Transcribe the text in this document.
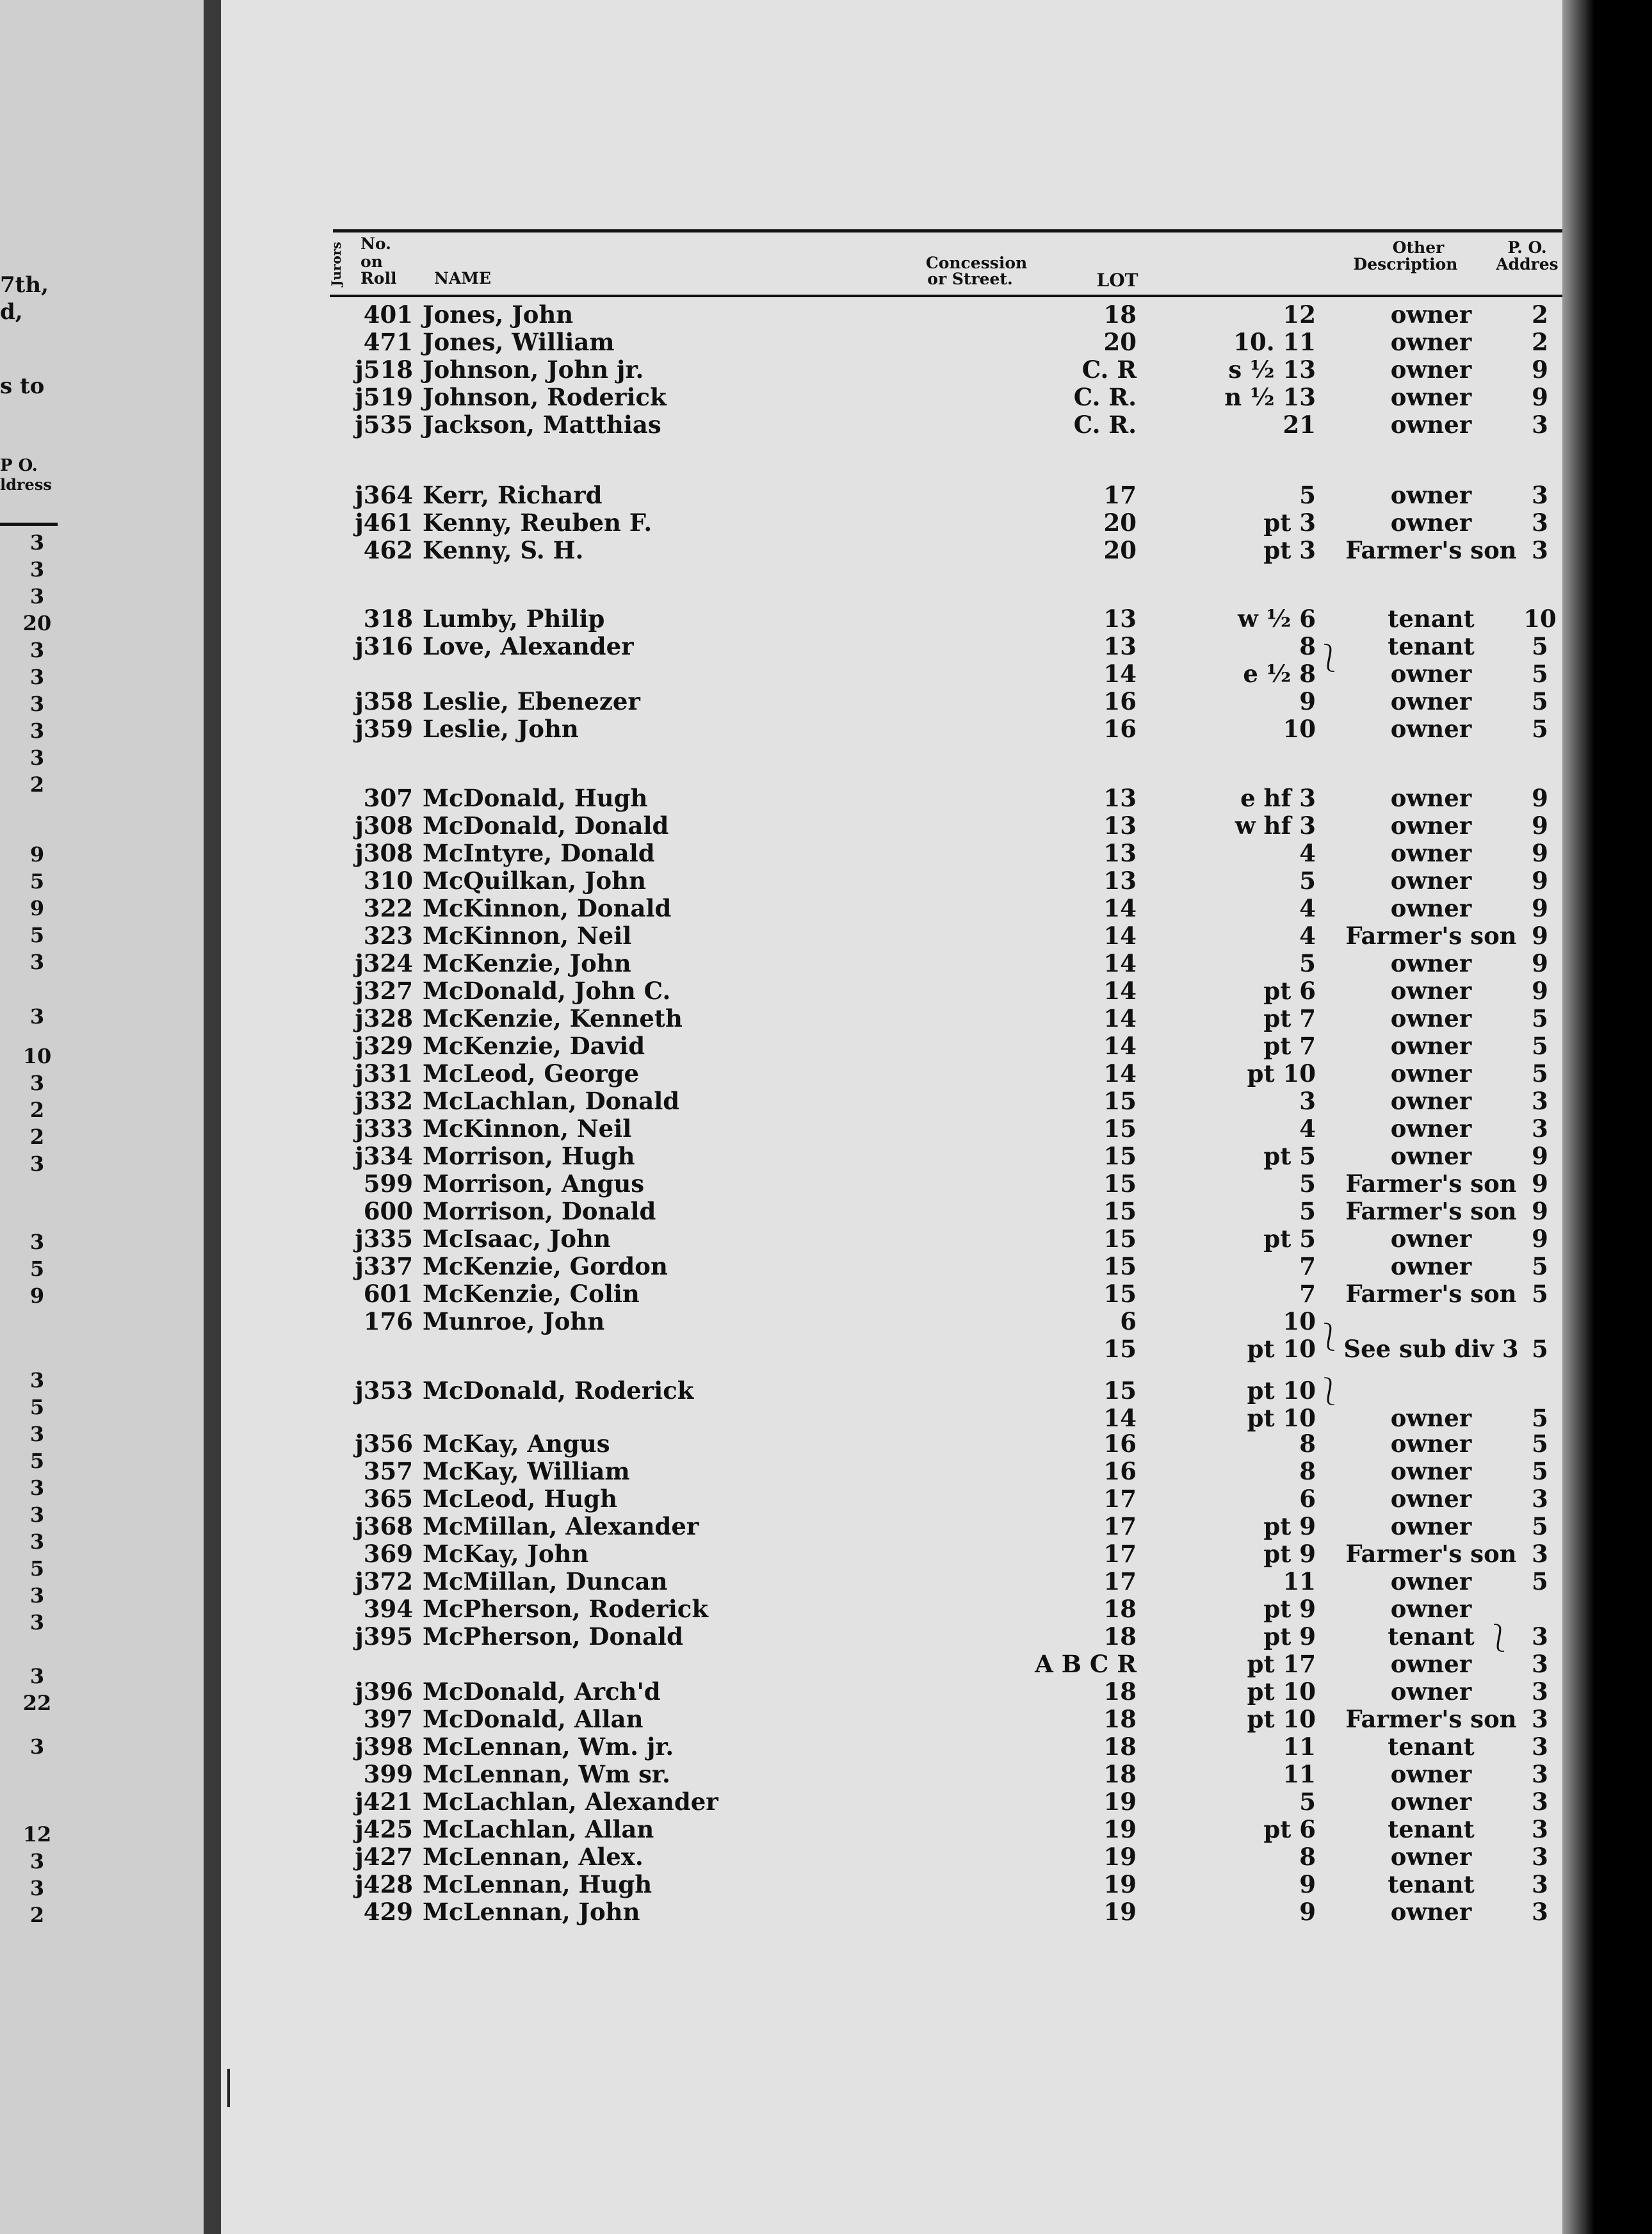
7th,
d,
s to
P O.
ldress
3
3
3
20
3
3
3
3
3
2
9
5
9
5
3
3
10
3
2
2
3
3
5
9
3
5
3
5
3
3
3
5
3
3
3
22
3
12
3
3
2
Jurors No.
on
Roll NAME
Concession
or Street.	LOT
Other
Description
P. O.
Addres
401 Jones, John	18	12	owner	2
471 Jones, William	20	10. 11	owner	2
j518 Johnson, John jr.	C. R	s ½ 13	owner	9
j519 Johnson, Roderick	C. R.	n ½ 13	owner	9
j535 Jackson, Matthias	C. R.	21	owner	3
j364 Kerr, Richard	17	5	owner	3
j461 Kenny, Reuben F.	20	pt 3	owner	3
462 Kenny, S. H.	20	pt 3	Farmer's son 3
318 Lumby, Philip	13	w ½ 6	tenant	10
j316 Love, Alexander	13	8	tenant	5
14	e ½ 8	owner	5
j358 Leslie, Ebenezer	16	9	owner	5
j359 Leslie, John	16	10	owner	5
307 McDonald, Hugh	13	e hf 3	owner	9
j308 McDonald, Donald	13	w hf 3	owner	9
j308 McIntyre, Donald	13	4	owner	9
310 McQuilkan, John	13	5	owner	9
322 McKinnon, Donald	14	4	owner	9
323 McKinnon, Neil	14	4	Farmer's son 9
j324 McKenzie, John	14	5	owner	9
j327 McDonald, John C.	14	pt 6	owner	9
j328 McKenzie, Kenneth	14	pt 7	owner	5
j329 McKenzie, David	14	pt 7	owner	5
j331 McLeod, George	14	pt 10	owner	5
j332 McLachlan, Donald	15	3	owner	3
j333 McKinnon, Neil	15	4	owner	3
j334 Morrison, Hugh	15	pt 5	owner	9
599 Morrison, Angus	15	5	Farmer's son 9
600 Morrison, Donald	15	5	Farmer's son 9
j335 McIsaac, John	15	pt 5	owner	9
j337 McKenzie, Gordon	15	7	owner	5
601 McKenzie, Colin	15	7	Farmer's son 5
176 Munroe, John	6	10
15	pt 10	See sub div 3 5
j353 McDonald, Roderick	15	pt 10
14	pt 10	owner	5
j356 McKay, Angus	16	8	owner	5
357 McKay, William	16	8	owner	5
365 McLeod, Hugh	17	6	owner	3
j368 McMillan, Alexander	17	pt 9	owner	5
369 McKay, John	17	pt 9	Farmer's son 3
j372 McMillan, Duncan	17	11	owner	5
394 McPherson, Roderick	18	pt 9	owner
j395 McPherson, Donald	18	pt 9	tenant	3
A B C R	pt 17	owner	3
j396 McDonald, Arch'd	18	pt 10	owner	3
397 McDonald, Allan	18	pt 10	Farmer's son 3
j398 McLennan, Wm. jr.	18	11	tenant	3
399 McLennan, Wm sr.	18	11	owner	3
j421 McLachlan, Alexander	19	5	owner	3
j425 McLachlan, Allan	19	pt 6	tenant	3
j427 McLennan, Alex.	19	8	owner	3
j428 McLennan, Hugh	19	9	tenant	3
429 McLennan, John	19	9	owner	3
⎱
⎱
⎱
⎱
